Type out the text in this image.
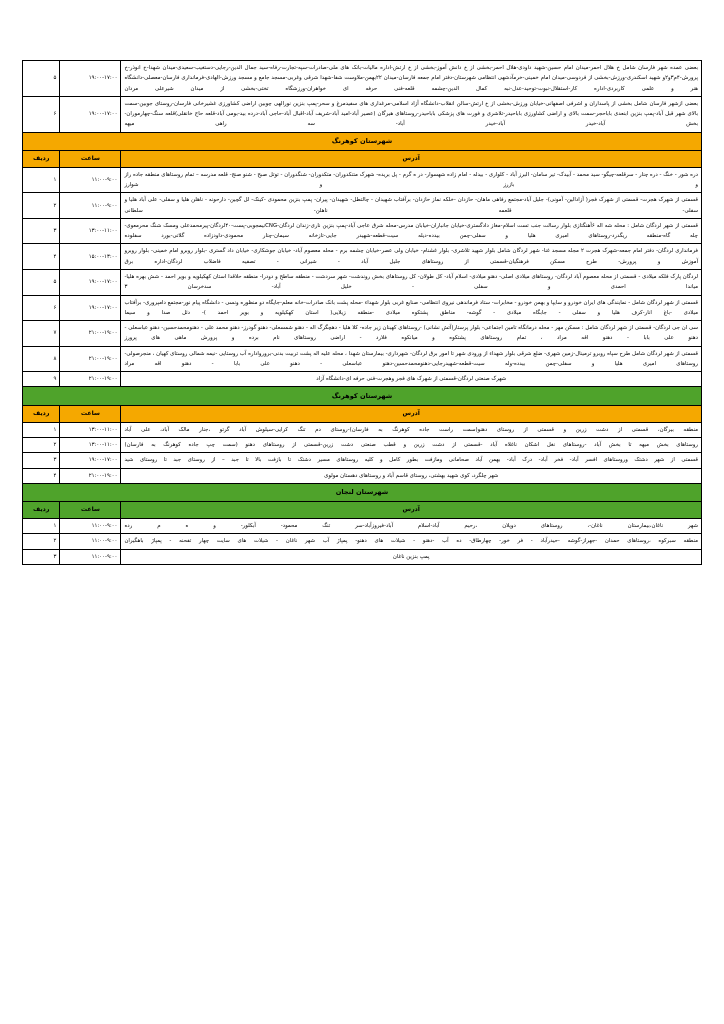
بعضی عمده شهر فارسان شامل خ هلال احمر-میدان امام حسین-شهید داودی-هلال احمر-بخشی از خ دانش آموز-بخشی از خ ارتش-اداره مالیات-بانک های ملی-صادرات-سپه-تجارت-رفاه-سید جمال الدین-رجایی-دستغیب-سعیدی-میدان شهدا-خ انوذر-خ پرورش-۴م۳و۲و شهید اسکندری-ورزش-بخشی از فردوسی-میدان امام خمینی-خرمآدشهی انتظامی شهرستان-دفتر امام جمعه فارسان-میدان ۲۲بهمن-ملاوست شفا-شهدا شرقی وغربی-مسجد جامع و مسجد ورزش-الهادی-فرمانداری فارسان-معصلی-دانشگاه هنر و علمی کاربردی-اداره کار-استقلال-نبوت-توحید-عدل-نبه کمال الدین-چشمه قلعه-فنی حرفه ای خواهران-ورزشگاه تختی-بخشی از میدان شیرعلی مردان	۱۹:۰۰-۱۷:۰۰	۵
بعضی ازشهر فارسان شامل بخشی از پاسداران و اشرفی اصفهانی-خیابان ورزش-بخشی از خ ارتش-سالن انقلاب-دانشگاه آزاد اسلامی-مرغداری های سفیدمرغ و سحر-پمپ بنزین نورالهی چوبین اراضی کشاورزی غشیرخانی فارسان-روستای جوبین-سمت بالای شهر قبل آباد-پمپ بنزین ابنعدی باباحجر-سمت بالای و اراضی کشاورزی باباحیدر-تلاشری و فورت های پزشکی باباحیدر-روستاهای هیرگان (عصیر آباد-امید آباد-شریف آباد-اقبال آباد-حاجی آباد-درده بید-بومی آباد-قلعه حاج خانقلی)قلعه سنگ-چهارموران-بخش آباد-خیدر آباد-خیدر آباد- سه راهی میهه	۱۹:۰۰-۱۷:۰۰	۶
شهرستان کوهرنگ		
آدرس	ساعت	ردیف
دره شور - خنگ - دره چنار - سرقلعه-چیگو- سید محمد - آبیدک- تیر سامان- البرز آباد - کلواری - بیدله - امام زاده شهسوار- در ه گرم - پل بریده- شهرک متنکدوران- متکدوران- شنگدوران - توتل صبح - شنو صنج- قلعه مدرسه – تمام روستاهای منطقه جاده راز و بازرز و شوارز	۱۱:۰۰-۹:۰۰	۱
قسمتی از شهرک هجرت- قسمتی از شهرک فجر( آزادالین- آمونی)- جلیل آباد-مجتمع رفاهی ماهان- حازدان -خلکه نماز حازدان- برآفتاب شهیدان - چالتطل- شهیدان- پیران- پمپ بنزین محمودی -کینک- لل گچین- دارحونه - ناهلن هلیا و سفلی- علی آباد هلیا و سفلی- قلعمه ناهلن- سلطانی	۱۱:۰۰-۹:۰۰	۲
قسمتی از شهر لردگان شامل : محله شه اله ۶آهنگتازی بلوار رسالت جنب تست اسلام-مغاز دادگستری-خیابان جانباران-خیابان مدرس-محله شرق عاجی آباد-پمپ بنزین ناری-زندان لردگان-CNGنیمجوبی-پست-۴۰لردگان-پیرمحمدعلی ومسک شنگ محرمعوی-چله گاه-منطقه ریگدرد-روستاهای امیری هلیا و سفلی-چمن بیدده-دیله سیت-قطعه-شهیدر جایی-تازخانه سیمان-چنار محمودی-داودزاده گلاتی-بورد سفلوده	۱۳:۰۰-۱۱:۰۰	۳
فرمانداری لردگان- دفتر امام جمعه-شهرک هجرت ۲ مجله مسجد غنا- شهر لردگان شامل بلوار شهید تلاشری- بلوار غشنام- خیابان ولی عصر-خیابان چشمه برم - محله معصوم آباد- خیابان جوشکاری- خیابان داد گستری -بلوار روبرو امام خمینی- بلوار روبرو آموزش و پرورش- طرح مسکن فرهنگیان-قسمتی از روستاهای جلیل آباد - شیرانی - تصفیه فاضلاب لردگان-اداره برق	۱۵:۰۰-۱۳:۰۰	۴
لردگان پارک فلکه میلادی - قسمتی از محله معصوم آباد لردگان- روستاهای میلادی اصلی- دهنو میلادی- اسلام آباد- کل طولان- کل روستاهای بخش روندشت- شهر سردشت - منطقه ساطح و دودرا- منطقه حلاقدا استان کهکیلویه و بویر احمد - شش بهره هلیا-میاندا احمدی و سفلی - خلیل آباد- سدخرسان ۳	۱۹:۰۰-۱۷:۰۰	۵
قسمتی از شهر لردگان شامل - نمایندگی های ایران خودرو و سایپا و بهمن خودرو - مخابرات- ستاد فرماندهی نیروی انتظامی- صنایع غربی بلوار شهداء -محله پشت بانک صادرات-خانه معلم-جایگاه دو منظوره ونسی - دانشگاه پیام نور-مجتمع دامپروری- برآفتاب میلادی -باغ انار-کرف هلیا و سفلی - جابگاه میلادی - گوشه- مناطق پشتکوه میلادی -منطقه زیلایی( استان کهکیلویه و بویر احمد )- دئل صدا و سیما	۱۹:۰۰-۱۷:۰۰	۶
سی ان جی لردگان- قسمتی از شهر لردگان شامل : مسکن مهر - محله درمانگاه تامین اجتماعی- بلوار پرستار(آتش نشانی) -روستاهای کهبنان زیر جاده- کلا هلیا - دهچگرگ اله - دهنو شمسعلی- دهنو گودرز- دهنو محمد علی - دهنومحمدحسین- دهنو عباسعلی - دهنو علی بابا - دهنو اقه مراد ، تمام روستاهای پشتکوه و میانکوه فلارد - اراضی روستاهای نام برده و پرورش ماهی های پرورز	۲۱:۰۰-۱۹:۰۰	۷
قسمتی از شهر لردگان شامل طرح سپاه روبرو ترمینال-زمین شهری- ضلع شرقی بلوار شهداء از ورودی شهر تا امور برق لردگان- شهرداری- بیمارستان شهدا ، محله علیه اله پشت تربیت بدنی-برورواداره آب روستایی -نیمه شمالی روستای کهیان ، منجرصولی- روستاهای امیری هلیا و سفلی-چمن بیدده-وله سیت-قطعه-شهیدرجایی-دهنومحمدحسین-دهنو عباسعلی - دهنو علی بابا - دهنو اقه مراد	۲۱:۰۰-۱۹:۰۰	۸
شهرک صنعتی لردگان-قسمتی از شهرک های فجر وهجرت-فنی حرفه ای-دانشگاه آزاد	۲۱:۰۰-۱۹:۰۰	۹
شهرستان کوهرنگ		
آدرس	ساعت	ردیف
منطقه بیرگان، قسمتی از دشت زرین و قسمتی از روستای دهنو(سمت راست جاده کوهرنگ به فارسان)-روستای دم تنگ کرایی-سیلوش آباد گرتو ،جنار مالک آباد، علی آباد	۱۳:۰۰-۱۱:۰۰	۱
روستاهای بخش میهه تا بخش آباد -روستاهای نغل اشکان ناغلاه آباد -قسمتی از دشت زرین و قطب صنعتی دشت زرین-قسمتی از روستاهای دهنو (سمت چپ جاده کوهرنگ به فارسان)	۱۳:۰۰-۱۱:۰۰	۲
قسمتی از شهر دشتک وروستاهای افسر آباد- فخر آباد- درک آباد- بهمن آباد صحامانی ومازفت بطور کامل و کلیه روستاهای مسیر دشتک تا بازفت بالا تا جبد – از روستای جبد تا روستای شید	۱۹:۰۰-۱۷:۰۰	۳
شهر چلگرد، کوی شهید بهشتی، روستای قاسم آباد و روستاهای دهستان مولوی	۲۱:۰۰-۱۹:۰۰	۴
شهرستان لنجان		
آدرس	ساعت	ردیف
شهر ناغان،بیمارستان ناغان-، روستاهای دوپلان ،رحیم آباد-اسلام آباد-فیروزآباد-سر تنگ محمود- آبکلور- و ه م رده	۱۱:۰۰-۹:۰۰	۱
منطقه سبرکوه ،روستاهای حمدان -جهراز-گوشه -حیدرآباد - فر خور- چهارطاق- ده آب -دهنو - شیلات های دهنو- پمپاژ آب شهر ناغان - شیلات های سایت چهار تفحنه - پمپاژ باهگیران	۱۱:۰۰-۹:۰۰	۲
پمپ بنزین ناغان	۱۱:۰۰-۹:۰۰	۳
